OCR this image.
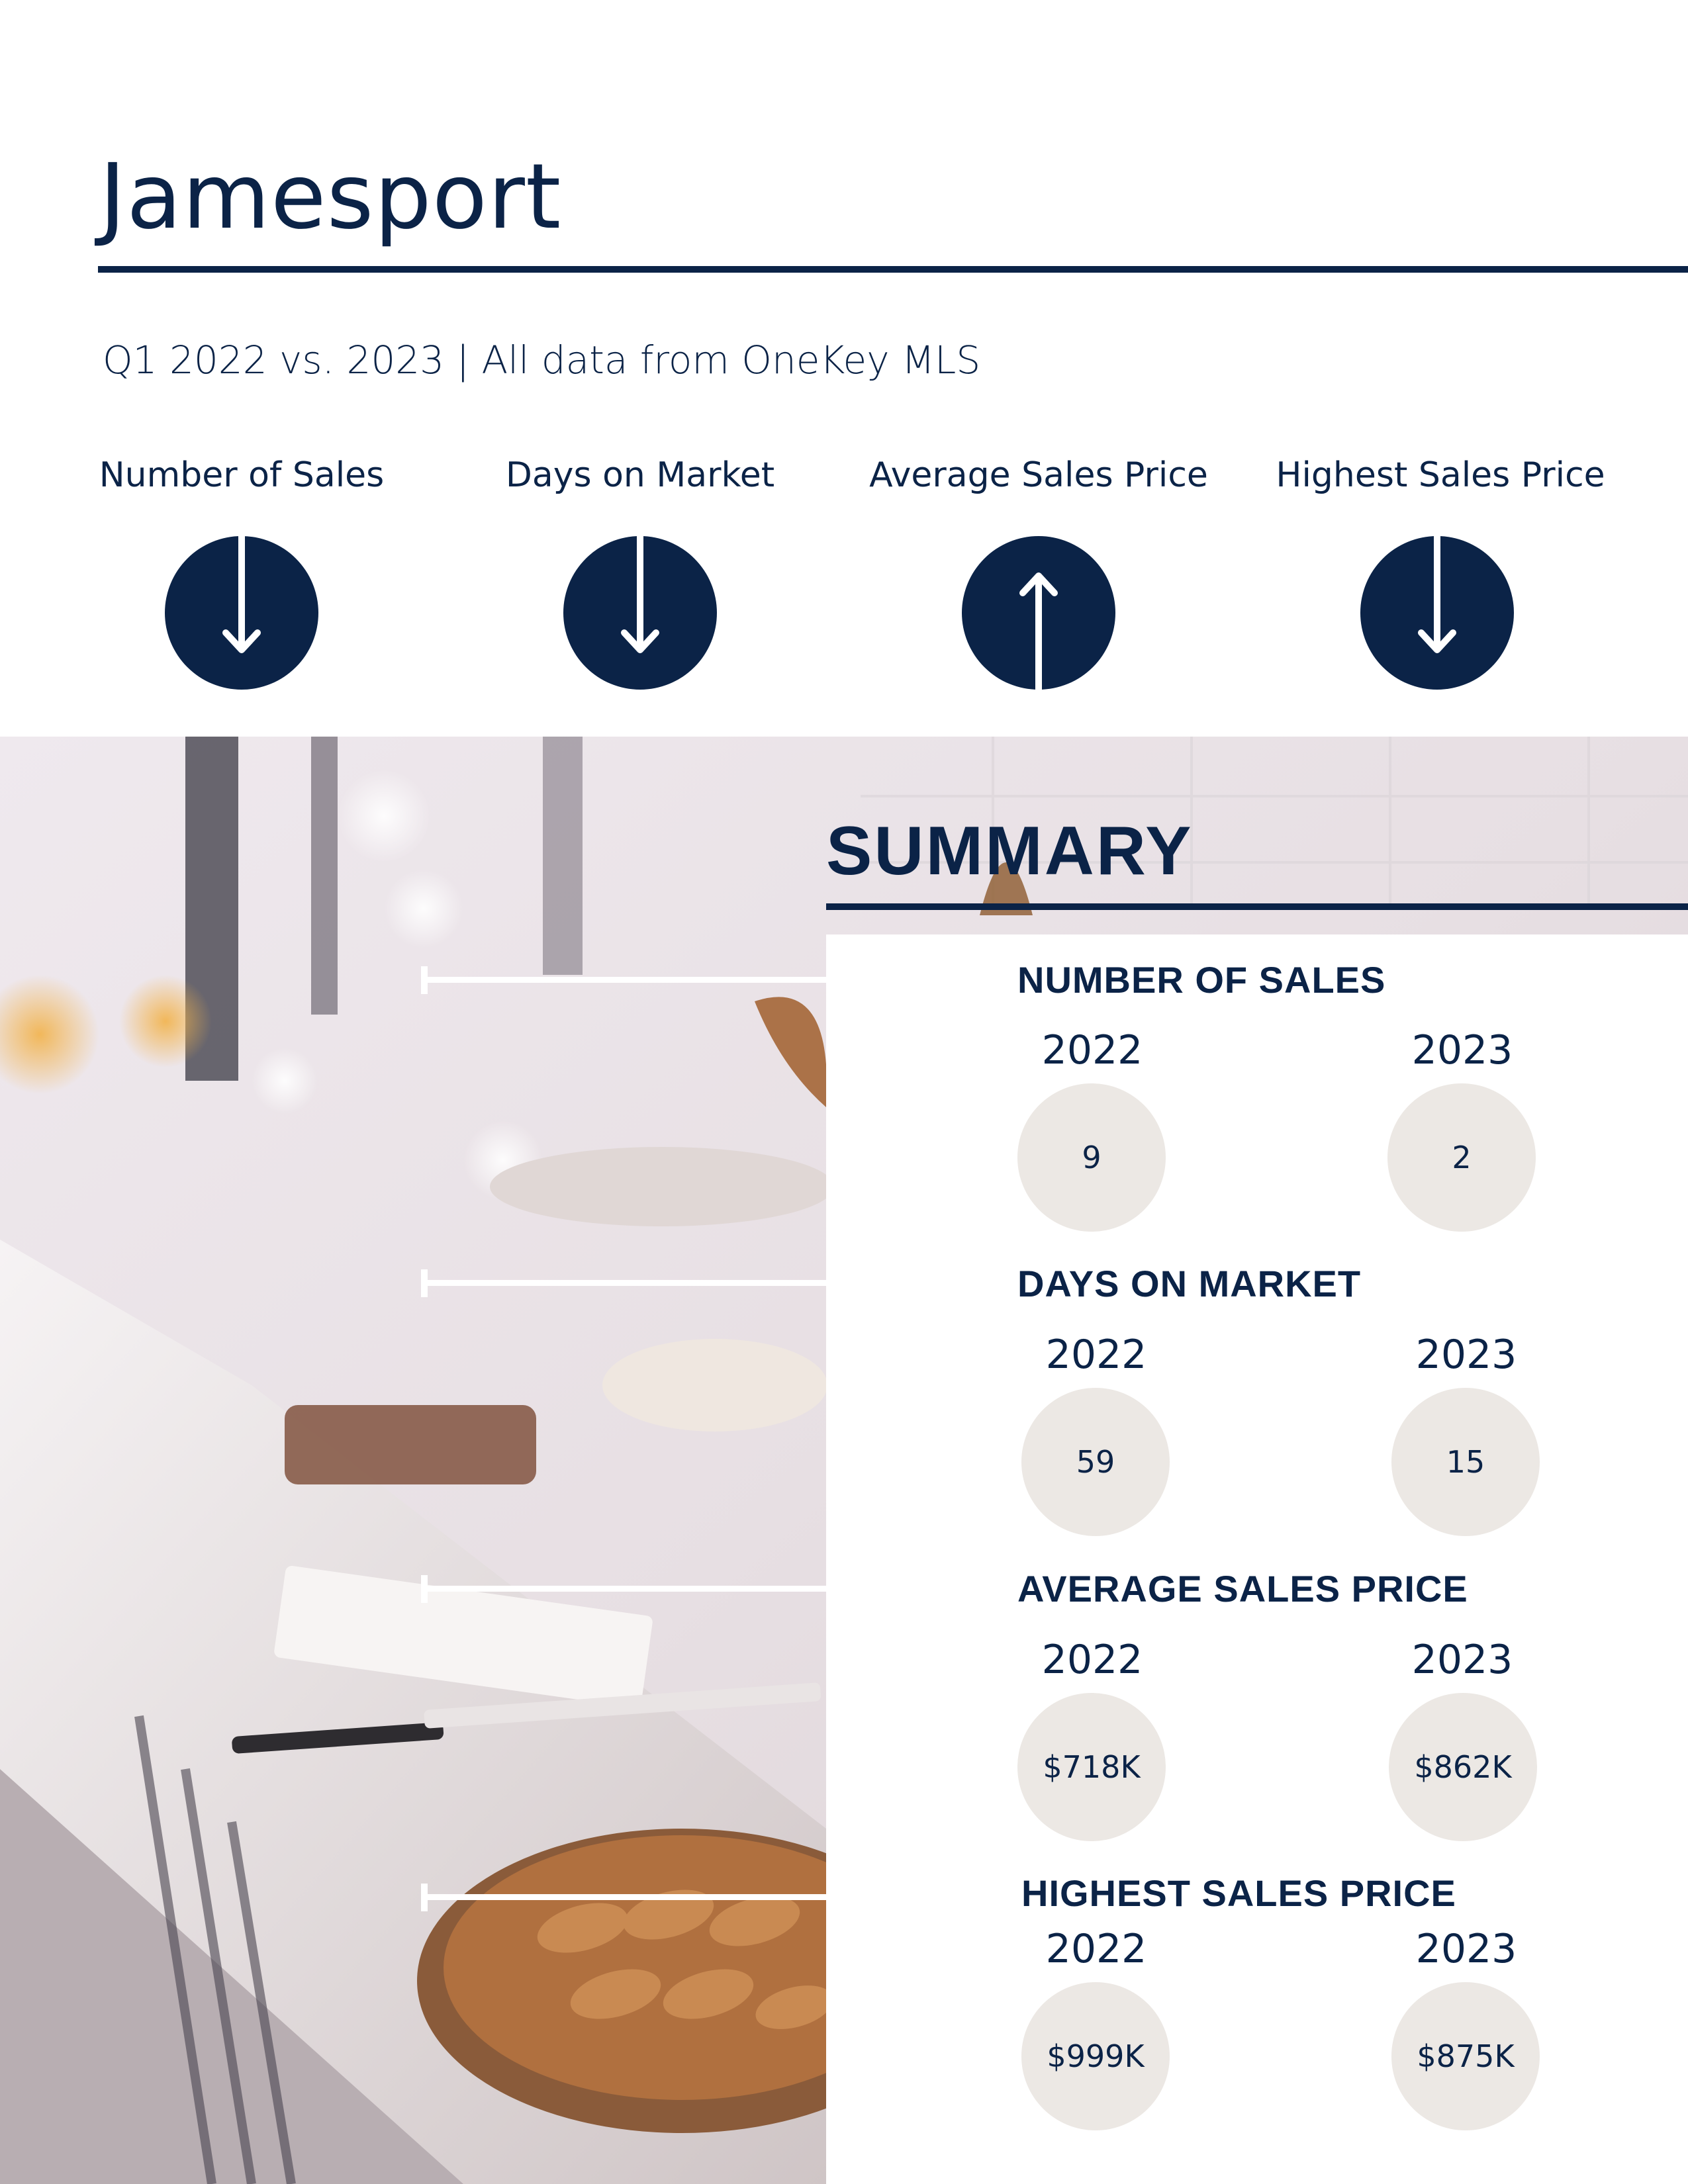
Jamesport
Q1 2022 vs. 2023 | All data from OneKey MLS
Number of Sales	Days on Market	Average Sales Price	Highest Sales Price
SUMMARY
NUMBER OF SALES
2022	2023
9	2
DAYS ON MARKET
2022	2023
59	15
AVERAGE SALES PRICE
2022	2023
$718K	$862K
HIGHEST SALES PRICE
2022	2023
$999K	$875K
